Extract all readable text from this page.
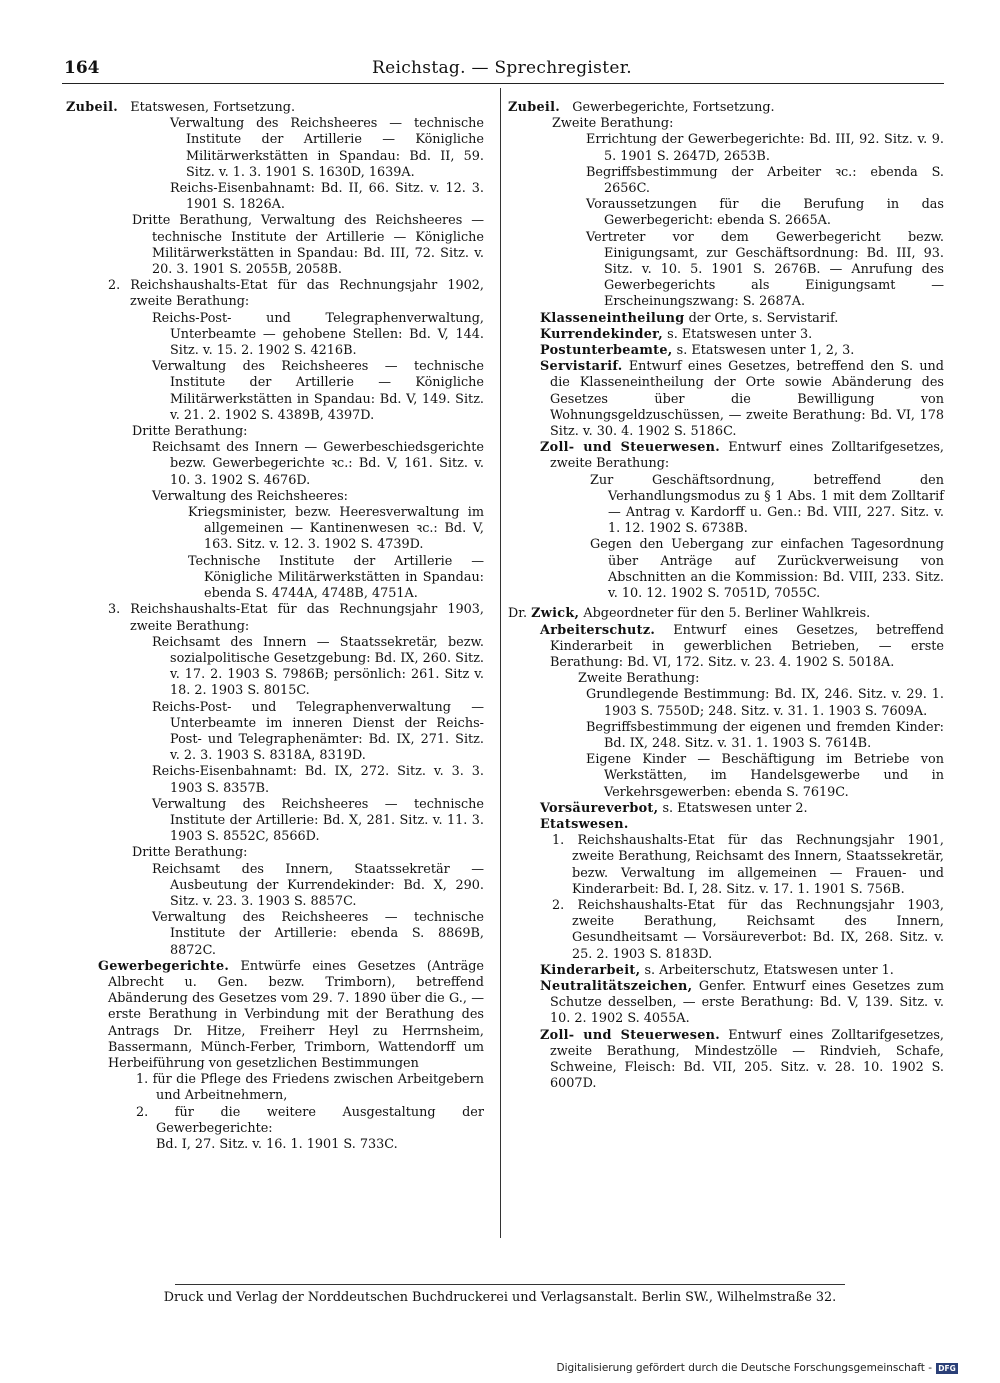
164	Reichstag. — Sprechregister.

Zubeil. Etatswesen, Fortsetzung.

Verwaltung des Reichsheeres — technische Institute der Artillerie — Königliche Militärwerkstätten in Spandau: Bd. II, 59. Sitz. v. 1. 3. 1901 S. 1630D, 1639A.

Reichs-Eisenbahnamt: Bd. II, 66. Sitz. v. 12. 3. 1901 S. 1826A.

Dritte Berathung, Verwaltung des Reichsheeres — technische Institute der Artillerie — Königliche Militärwerkstätten in Spandau: Bd. III, 72. Sitz. v. 20. 3. 1901 S. 2055B, 2058B.

2. Reichshaushalts-Etat für das Rechnungsjahr 1902, zweite Berathung:

Reichs-Post- und Telegraphenverwaltung, Unterbeamte — gehobene Stellen: Bd. V, 144. Sitz. v. 15. 2. 1902 S. 4216B.

Verwaltung des Reichsheeres — technische Institute der Artillerie — Königliche Militärwerkstätten in Spandau: Bd. V, 149. Sitz. v. 21. 2. 1902 S. 4389B, 4397D.

Dritte Berathung:

Reichsamt des Innern — Gewerbeschiedsgerichte bezw. Gewerbegerichte ꝛc.: Bd. V, 161. Sitz. v. 10. 3. 1902 S. 4676D.

Verwaltung des Reichsheeres:

Kriegsminister, bezw. Heeresverwaltung im allgemeinen — Kantinenwesen ꝛc.: Bd. V, 163. Sitz. v. 12. 3. 1902 S. 4739D.

Technische Institute der Artillerie — Königliche Militärwerkstätten in Spandau: ebenda S. 4744A, 4748B, 4751A.

3. Reichshaushalts-Etat für das Rechnungsjahr 1903, zweite Berathung:

Reichsamt des Innern — Staatssekretär, bezw. sozialpolitische Gesetzgebung: Bd. IX, 260. Sitz. v. 17. 2. 1903 S. 7986B; persönlich: 261. Sitz v. 18. 2. 1903 S. 8015C.

Reichs-Post- und Telegraphenverwaltung — Unterbeamte im inneren Dienst der Reichs-Post- und Telegraphenämter: Bd. IX, 271. Sitz. v. 2. 3. 1903 S. 8318A, 8319D.

Reichs-Eisenbahnamt: Bd. IX, 272. Sitz. v. 3. 3. 1903 S. 8357B.

Verwaltung des Reichsheeres — technische Institute der Artillerie: Bd. X, 281. Sitz. v. 11. 3. 1903 S. 8552C, 8566D.

Dritte Berathung:

Reichsamt des Innern, Staatssekretär — Ausbeutung der Kurrendekinder: Bd. X, 290. Sitz. v. 23. 3. 1903 S. 8857C.

Verwaltung des Reichsheeres — technische Institute der Artillerie: ebenda S. 8869B, 8872C.

Gewerbegerichte. Entwürfe eines Gesetzes (Anträge Albrecht u. Gen. bezw. Trimborn), betreffend Abänderung des Gesetzes vom 29. 7. 1890 über die G., — erste Berathung in Verbindung mit der Berathung des Antrags Dr. Hitze, Freiherr Heyl zu Herrnsheim, Bassermann, Münch-Ferber, Trimborn, Wattendorff um Herbeiführung von gesetzlichen Bestimmungen

1. für die Pflege des Friedens zwischen Arbeitgebern und Arbeitnehmern,

2. für die weitere Ausgestaltung der Gewerbegerichte:

Bd. I, 27. Sitz. v. 16. 1. 1901 S. 733C.

Zubeil. Gewerbegerichte, Fortsetzung.

Zweite Berathung:

Errichtung der Gewerbegerichte: Bd. III, 92. Sitz. v. 9. 5. 1901 S. 2647D, 2653B.

Begriffsbestimmung der Arbeiter ꝛc.: ebenda S. 2656C.

Voraussetzungen für die Berufung in das Gewerbegericht: ebenda S. 2665A.

Vertreter vor dem Gewerbegericht bezw. Einigungsamt, zur Geschäftsordnung: Bd. III, 93. Sitz. v. 10. 5. 1901 S. 2676B. — Anrufung des Gewerbegerichts als Einigungsamt — Erscheinungszwang: S. 2687A.

Klasseneintheilung der Orte, s. Servistarif.

Kurrendekinder, s. Etatswesen unter 3.

Postunterbeamte, s. Etatswesen unter 1, 2, 3.

Servistarif. Entwurf eines Gesetzes, betreffend den S. und die Klasseneintheilung der Orte sowie Abänderung des Gesetzes über die Bewilligung von Wohnungsgeldzuschüssen, — zweite Berathung: Bd. VI, 178 Sitz. v. 30. 4. 1902 S. 5186C.

Zoll- und Steuerwesen. Entwurf eines Zolltarifgesetzes, zweite Berathung:

Zur Geschäftsordnung, betreffend den Verhandlungsmodus zu § 1 Abs. 1 mit dem Zolltarif — Antrag v. Kardorff u. Gen.: Bd. VIII, 227. Sitz. v. 1. 12. 1902 S. 6738B.

Gegen den Uebergang zur einfachen Tagesordnung über Anträge auf Zurückverweisung von Abschnitten an die Kommission: Bd. VIII, 233. Sitz. v. 10. 12. 1902 S. 7051D, 7055C.

Dr. Zwick, Abgeordneter für den 5. Berliner Wahlkreis.

Arbeiterschutz. Entwurf eines Gesetzes, betreffend Kinderarbeit in gewerblichen Betrieben, — erste Berathung: Bd. VI, 172. Sitz. v. 23. 4. 1902 S. 5018A.

Zweite Berathung:

Grundlegende Bestimmung: Bd. IX, 246. Sitz. v. 29. 1. 1903 S. 7550D; 248. Sitz. v. 31. 1. 1903 S. 7609A.

Begriffsbestimmung der eigenen und fremden Kinder: Bd. IX, 248. Sitz. v. 31. 1. 1903 S. 7614B.

Eigene Kinder — Beschäftigung im Betriebe von Werkstätten, im Handelsgewerbe und in Verkehrsgewerben: ebenda S. 7619C.

Vorsäureverbot, s. Etatswesen unter 2.

Etatswesen.

1. Reichshaushalts-Etat für das Rechnungsjahr 1901, zweite Berathung, Reichsamt des Innern, Staatssekretär, bezw. Verwaltung im allgemeinen — Frauen- und Kinderarbeit: Bd. I, 28. Sitz. v. 17. 1. 1901 S. 756B.

2. Reichshaushalts-Etat für das Rechnungsjahr 1903, zweite Berathung, Reichsamt des Innern, Gesundheitsamt — Vorsäureverbot: Bd. IX, 268. Sitz. v. 25. 2. 1903 S. 8183D.

Kinderarbeit, s. Arbeiterschutz, Etatswesen unter 1.

Neutralitätszeichen, Genfer. Entwurf eines Gesetzes zum Schutze desselben, — erste Berathung: Bd. V, 139. Sitz. v. 10. 2. 1902 S. 4055A.

Zoll- und Steuerwesen. Entwurf eines Zolltarifgesetzes, zweite Berathung, Mindestzölle — Rindvieh, Schafe, Schweine, Fleisch: Bd. VII, 205. Sitz. v. 28. 10. 1902 S. 6007D.

Druck und Verlag der Norddeutschen Buchdruckerei und Verlagsanstalt. Berlin SW., Wilhelmstraße 32.
Digitalisierung gefördert durch die Deutsche Forschungsgemeinschaft - DFG
